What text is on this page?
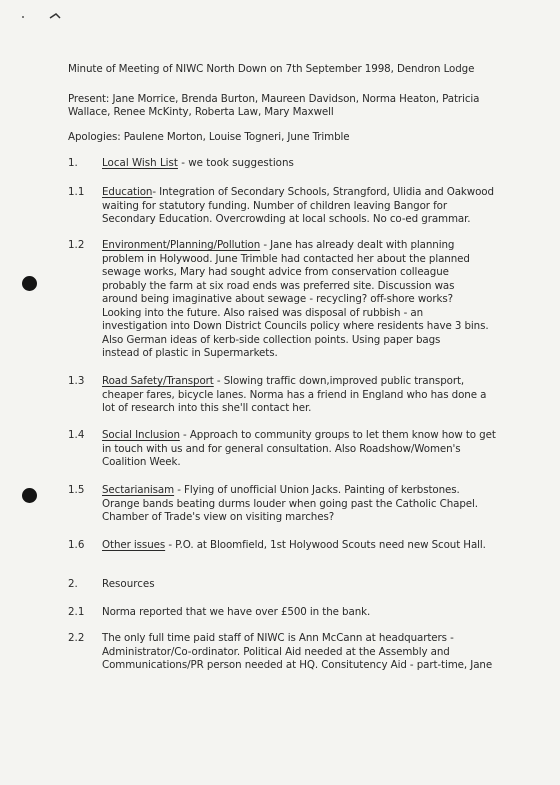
Minute of Meeting of NIWC North Down on 7th September 1998, Dendron Lodge
Present: Jane Morrice, Brenda Burton, Maureen Davidson, Norma Heaton, Patricia
Wallace, Renee McKinty, Roberta Law, Mary Maxwell
Apologies: Paulene Morton, Louise Togneri, June Trimble
1. Local Wish List - we took suggestions
1.1 Education- Integration of Secondary Schools, Strangford, Ulidia and Oakwood
waiting for statutory funding. Number of children leaving Bangor for
Secondary Education. Overcrowding at local schools. No co-ed grammar.
1.2 Environment/Planning/Pollution - Jane has already dealt with planning
problem in Holywood. June Trimble had contacted her about the planned
sewage works, Mary had sought advice from conservation colleague
probably the farm at six road ends was preferred site. Discussion was
around being imaginative about sewage - recycling? off-shore works?
Looking into the future. Also raised was disposal of rubbish - an
investigation into Down District Councils policy where residents have 3 bins.
Also German ideas of kerb-side collection points. Using paper bags
instead of plastic in Supermarkets.
1.3 Road Safety/Transport - Slowing traffic down,improved public transport,
cheaper fares, bicycle lanes. Norma has a friend in England who has done a
lot of research into this she'll contact her.
1.4 Social Inclusion - Approach to community groups to let them know how to get
in touch with us and for general consultation. Also Roadshow/Women's
Coalition Week.
1.5 Sectarianisam - Flying of unofficial Union Jacks. Painting of kerbstones.
Orange bands beating durms louder when going past the Catholic Chapel.
Chamber of Trade's view on visiting marches?
1.6 Other issues - P.O. at Bloomfield, 1st Holywood Scouts need new Scout Hall.
2. Resources
2.1 Norma reported that we have over £500 in the bank.
2.2 The only full time paid staff of NIWC is Ann McCann at headquarters -
Administrator/Co-ordinator. Political Aid needed at the Assembly and
Communications/PR person needed at HQ. Consitutency Aid - part-time, Jane
